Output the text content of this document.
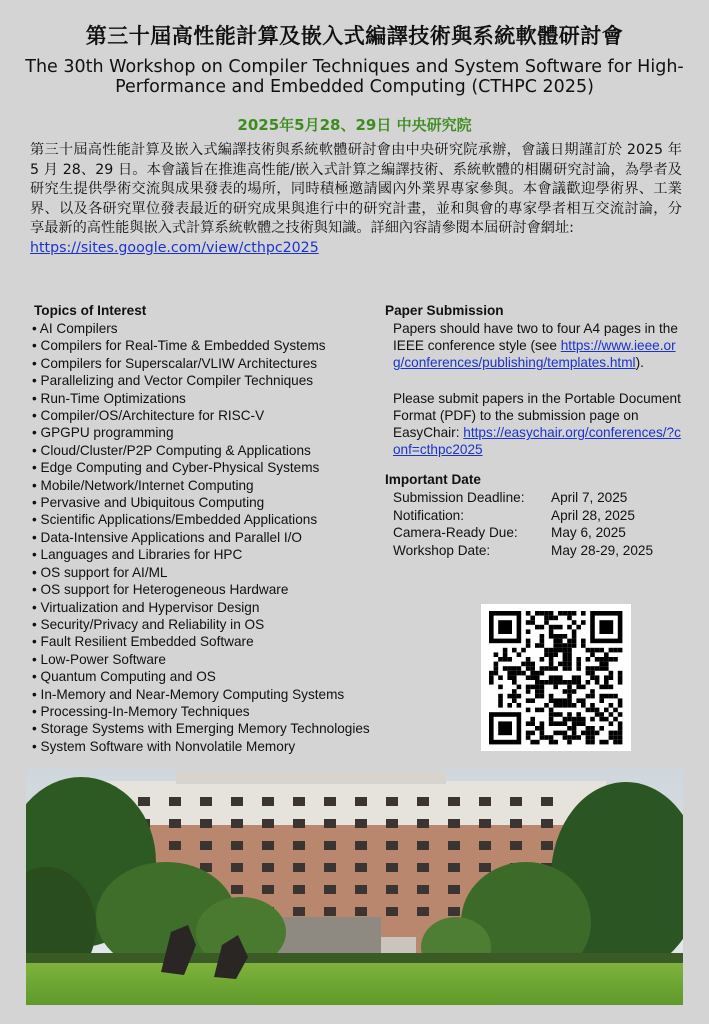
第三十屆高性能計算及嵌入式編譯技術與系統軟體研討會
The 30th Workshop on Compiler Techniques and System Software for High-Performance and Embedded Computing (CTHPC 2025)
2025年5月28、29日 中央研究院
第三十屆高性能計算及嵌入式編譯技術與系統軟體研討會由中央研究院承辦，會議日期謹訂於 2025 年 5 月 28、29 日。本會議旨在推進高性能/嵌入式計算之編譯技術、系統軟體的相關研究討論，為學者及研究生提供學術交流與成果發表的場所，同時積極邀請國內外業界專家參與。本會議歡迎學術界、工業界、以及各研究單位發表最近的研究成果與進行中的研究計畫，並和與會的專家學者相互交流討論，分享最新的高性能與嵌入式計算系統軟體之技術與知識。詳細內容請參閱本屆研討會網址:
https://sites.google.com/view/cthpc2025
Topics of Interest
• AI Compilers
• Compilers for Real-Time & Embedded Systems
• Compilers for Superscalar/VLIW Architectures
• Parallelizing and Vector Compiler Techniques
• Run-Time Optimizations
• Compiler/OS/Architecture for RISC-V
• GPGPU programming
• Cloud/Cluster/P2P Computing & Applications
• Edge Computing and Cyber-Physical Systems
• Mobile/Network/Internet Computing
• Pervasive and Ubiquitous Computing
• Scientific Applications/Embedded Applications
• Data-Intensive Applications and Parallel I/O
• Languages and Libraries for HPC
• OS support for AI/ML
• OS support for Heterogeneous Hardware
• Virtualization and Hypervisor Design
• Security/Privacy and Reliability in OS
• Fault Resilient Embedded Software
• Low-Power Software
• Quantum Computing and OS
• In-Memory and Near-Memory Computing Systems
• Processing-In-Memory Techniques
• Storage Systems with Emerging Memory Technologies
• System Software with Nonvolatile Memory
Paper Submission

Papers should have two to four A4 pages in the IEEE conference style (see https://www.ieee.org/conferences/publishing/templates.html).

Please submit papers in the Portable Document Format (PDF) to the submission page on EasyChair: https://easychair.org/conferences/?conf=cthpc2025

Important Date
Submission Deadline:	April 7, 2025
Notification:	April 28, 2025
Camera-Ready Due:	May 6, 2025
Workshop Date:	May 28-29, 2025
